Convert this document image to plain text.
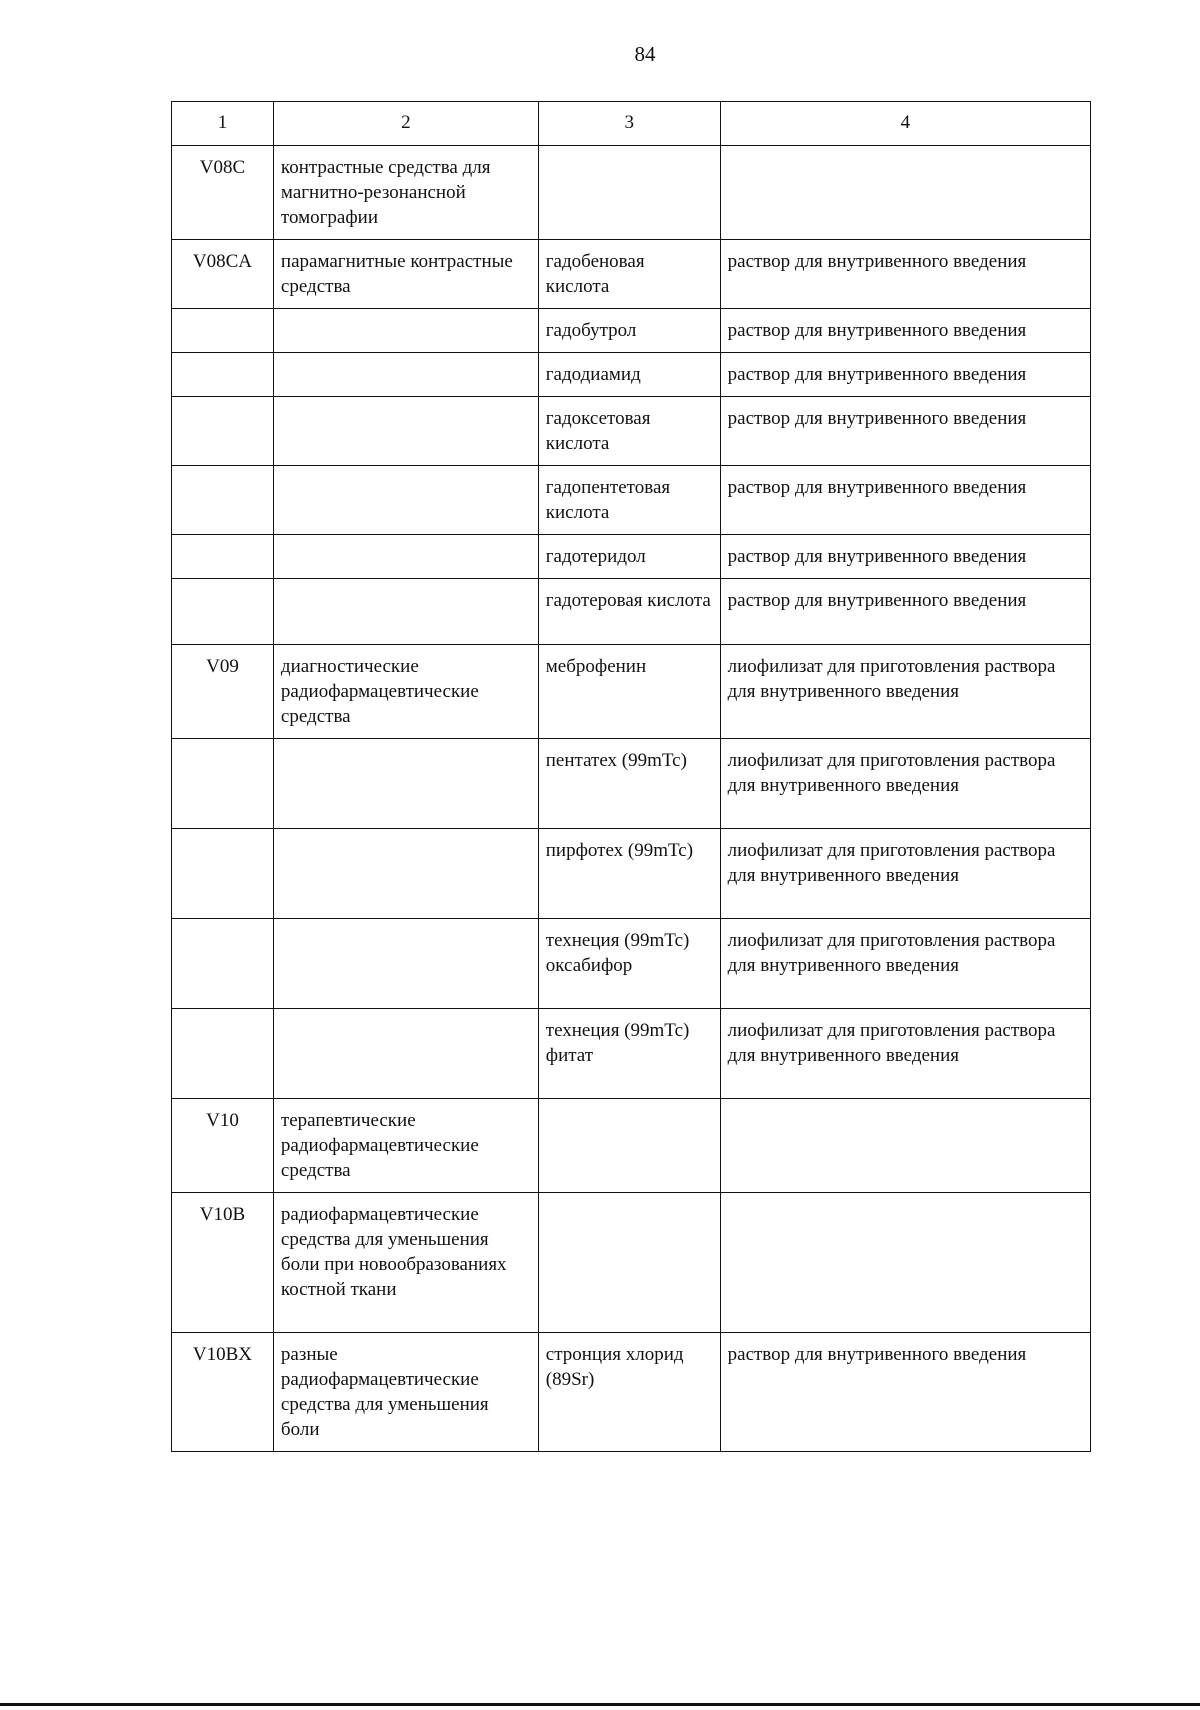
84
1	2	3	4
V08C	контрастные средства для магнитно-резонансной томографии		
V08CA	парамагнитные контрастные средства	гадобеновая кислота	раствор для внутривенного введения
		гадобутрол	раствор для внутривенного введения
		гадодиамид	раствор для внутривенного введения
		гадоксетовая кислота	раствор для внутривенного введения
		гадопентетовая кислота	раствор для внутривенного введения
		гадотеридол	раствор для внутривенного введения
		гадотеровая кислота	раствор для внутривенного введения
V09	диагностические радиофармацевтические средства	меброфенин	лиофилизат для приготовления раствора для внутривенного введения
		пентатех (99mTc)	лиофилизат для приготовления раствора для внутривенного введения
		пирфотех (99mTc)	лиофилизат для приготовления раствора для внутривенного введения
		технеция (99mTc) оксабифор	лиофилизат для приготовления раствора для внутривенного введения
		технеция (99mTc) фитат	лиофилизат для приготовления раствора для внутривенного введения
V10	терапевтические радиофармацевтические средства		
V10B	радиофармацевтические средства для уменьшения боли при новообразованиях костной ткани		
V10BX	разные радиофармацевтические средства для уменьшения боли	стронция хлорид (89Sr)	раствор для внутривенного введения
